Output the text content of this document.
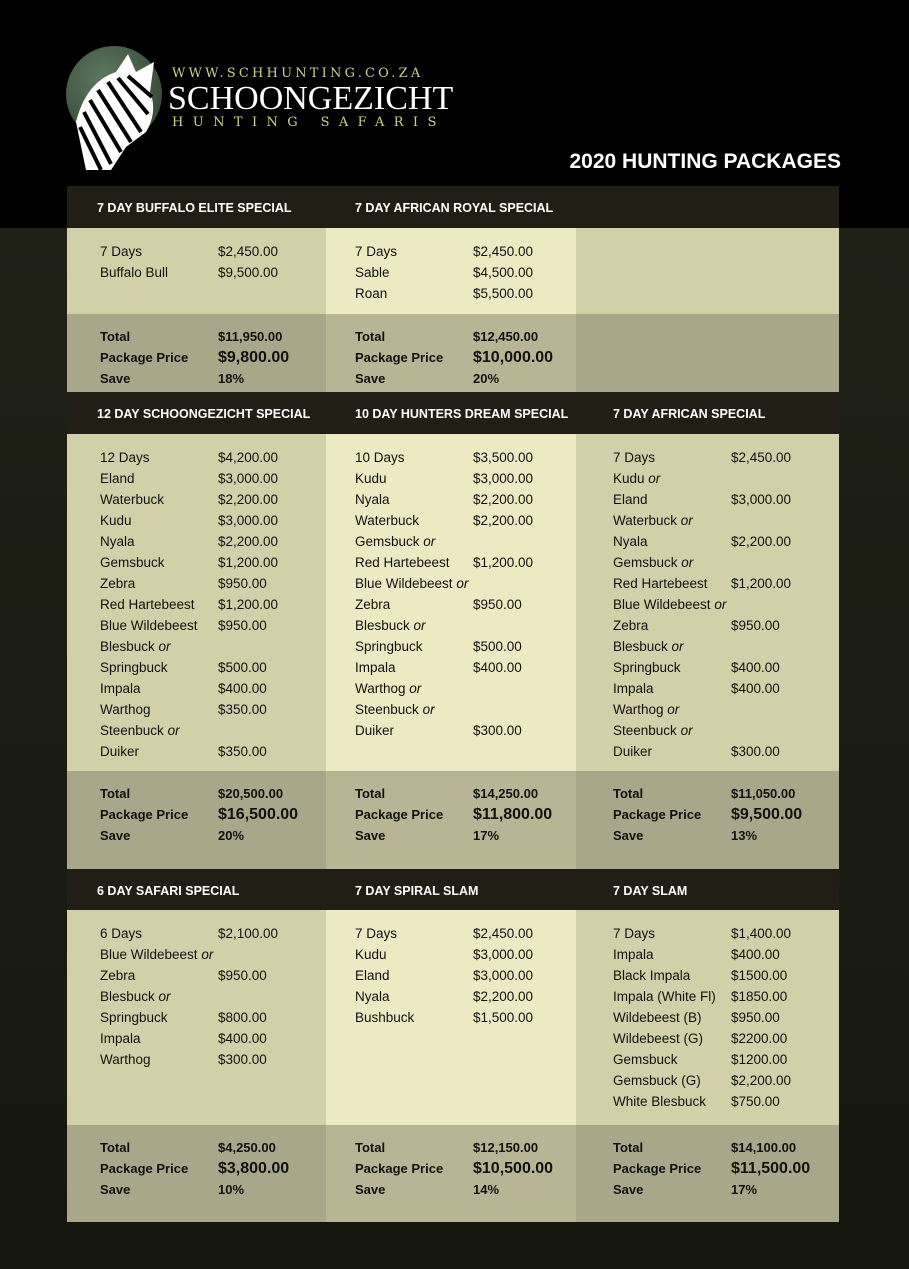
WWW.SCHHUNTING.CO.ZA
SCHOONGEZICHT
HUNTING SAFARIS
2020 HUNTING PACKAGES
7 DAY BUFFALO ELITE SPECIAL	7 DAY AFRICAN ROYAL SPECIAL
7 Days	$2,450.00
Buffalo Bull	$9,500.00
7 Days	$2,450.00
Sable	$4,500.00
Roan	$5,500.00
Total	$11,950.00
Package Price	$9,800.00
Save	18%
Total	$12,450.00
Package Price	$10,000.00
Save	20%
12 DAY SCHOONGEZICHT SPECIAL	10 DAY HUNTERS DREAM SPECIAL	7 DAY AFRICAN SPECIAL
12 Days	$4,200.00
Eland	$3,000.00
Waterbuck	$2,200.00
Kudu	$3,000.00
Nyala	$2,200.00
Gemsbuck	$1,200.00
Zebra	$950.00
Red Hartebeest	$1,200.00
Blue Wildebeest	$950.00
Blesbuck or
Springbuck	$500.00
Impala	$400.00
Warthog	$350.00
Steenbuck or
Duiker	$350.00
10 Days	$3,500.00
Kudu	$3,000.00
Nyala	$2,200.00
Waterbuck	$2,200.00
Gemsbuck or
Red Hartebeest	$1,200.00
Blue Wildebeest or
Zebra	$950.00
Blesbuck or
Springbuck	$500.00
Impala	$400.00
Warthog or
Steenbuck or
Duiker	$300.00
7 Days	$2,450.00
Kudu or
Eland	$3,000.00
Waterbuck or
Nyala	$2,200.00
Gemsbuck or
Red Hartebeest	$1,200.00
Blue Wildebeest or
Zebra	$950.00
Blesbuck or
Springbuck	$400.00
Impala	$400.00
Warthog or
Steenbuck or
Duiker	$300.00
Total	$20,500.00
Package Price	$16,500.00
Save	20%
Total	$14,250.00
Package Price	$11,800.00
Save	17%
Total	$11,050.00
Package Price	$9,500.00
Save	13%
6 DAY SAFARI SPECIAL	7 DAY SPIRAL SLAM	7 DAY SLAM
6 Days	$2,100.00
Blue Wildebeest or
Zebra	$950.00
Blesbuck or
Springbuck	$800.00
Impala	$400.00
Warthog	$300.00
7 Days	$2,450.00
Kudu	$3,000.00
Eland	$3,000.00
Nyala	$2,200.00
Bushbuck	$1,500.00
7 Days	$1,400.00
Impala	$400.00
Black Impala	$1500.00
Impala (White Fl)	$1850.00
Wildebeest (B)	$950.00
Wildebeest (G)	$2200.00
Gemsbuck	$1200.00
Gemsbuck (G)	$2,200.00
White Blesbuck	$750.00
Total	$4,250.00
Package Price	$3,800.00
Save	10%
Total	$12,150.00
Package Price	$10,500.00
Save	14%
Total	$14,100.00
Package Price	$11,500.00
Save	17%
